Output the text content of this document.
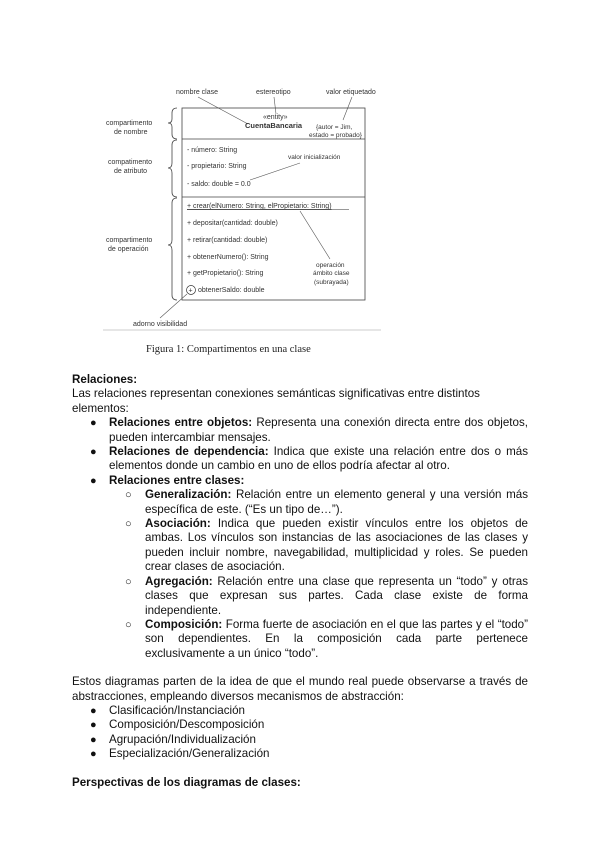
nombre clase	estereotipo	valor etiquetado
«entity»
CuentaBancaria {autor = Jim,
estado = probado}
- número: String
- propietario: String
- saldo: double = 0.0
valor inicialización
+ crear(elNumero: String, elPropietario: String)
+ depositar(cantidad: double)
+ retirar(cantidad: double)
+ obtenerNumero(): String
+ getPropietario(): String
+ obtenerSaldo: double
operación
ámbito clase
(subrayada)
compartimento
de nombre
compatimento
de atributo
compartimento
de operación
adorno visibilidad
Figura 1: Compartimentos en una clase

Relaciones:

Las relaciones representan conexiones semánticas significativas entre distintos elementos:

● Relaciones entre objetos: Representa una conexión directa entre dos objetos, pueden intercambiar mensajes.
● Relaciones de dependencia: Indica que existe una relación entre dos o más elementos donde un cambio en uno de ellos podría afectar al otro.
● Relaciones entre clases:
○ Generalización: Relación entre un elemento general y una versión más específica de este. (“Es un tipo de…”).
○ Asociación: Indica que pueden existir vínculos entre los objetos de ambas. Los vínculos son instancias de las asociaciones de las clases y pueden incluir nombre, navegabilidad, multiplicidad y roles. Se pueden crear clases de asociación.
○ Agregación: Relación entre una clase que representa un “todo” y otras clases que expresan sus partes. Cada clase existe de forma independiente.
○ Composición: Forma fuerte de asociación en el que las partes y el “todo” son dependientes. En la composición cada parte pertenece exclusivamente a un único “todo”.

Estos diagramas parten de la idea de que el mundo real puede observarse a través de abstracciones, empleando diversos mecanismos de abstracción:

● Clasificación/Instanciación
● Composición/Descomposición
● Agrupación/Individualización
● Especialización/Generalización

Perspectivas de los diagramas de clases:
